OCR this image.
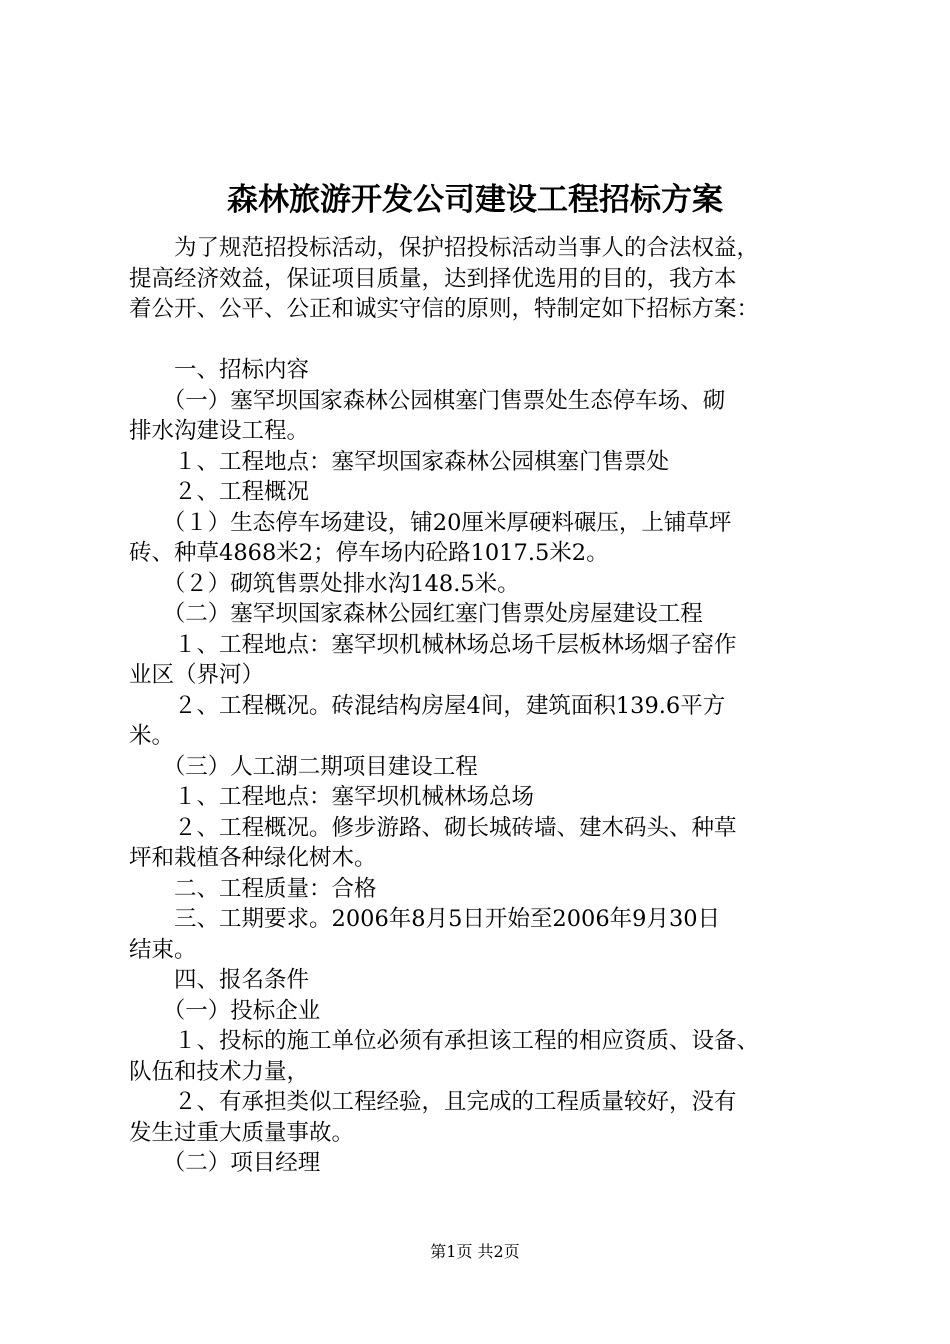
森林旅游开发公司建设工程招标方案
　　为了规范招投标活动，保护招投标活动当事人的合法权益，
提高经济效益，保证项目质量，达到择优选用的目的，我方本
着公开、公平、公正和诚实守信的原则，特制定如下招标方案：
　　一、招标内容
　　（一）塞罕坝国家森林公园棋塞门售票处生态停车场、砌
排水沟建设工程。
　　１、工程地点：塞罕坝国家森林公园棋塞门售票处
　　２、工程概况
　　（１）生态停车场建设，铺20厘米厚硬料碾压，上铺草坪
砖、种草4868米2；停车场内砼路1017.5米2。
　　（２）砌筑售票处排水沟148.5米。
　　（二）塞罕坝国家森林公园红塞门售票处房屋建设工程
　　１、工程地点：塞罕坝机械林场总场千层板林场烟子窑作
业区（界河）
　　２、工程概况。砖混结构房屋4间，建筑面积139.6平方
米。
　　（三）人工湖二期项目建设工程
　　１、工程地点：塞罕坝机械林场总场
　　２、工程概况。修步游路、砌长城砖墙、建木码头、种草
坪和栽植各种绿化树木。
　　二、工程质量：合格
　　三、工期要求。2006年8月5日开始至2006年9月30日
结束。
　　四、报名条件
　　（一）投标企业
　　１、投标的施工单位必须有承担该工程的相应资质、设备、
队伍和技术力量，
　　２、有承担类似工程经验，且完成的工程质量较好，没有
发生过重大质量事故。
　　（二）项目经理
第1页 共2页
